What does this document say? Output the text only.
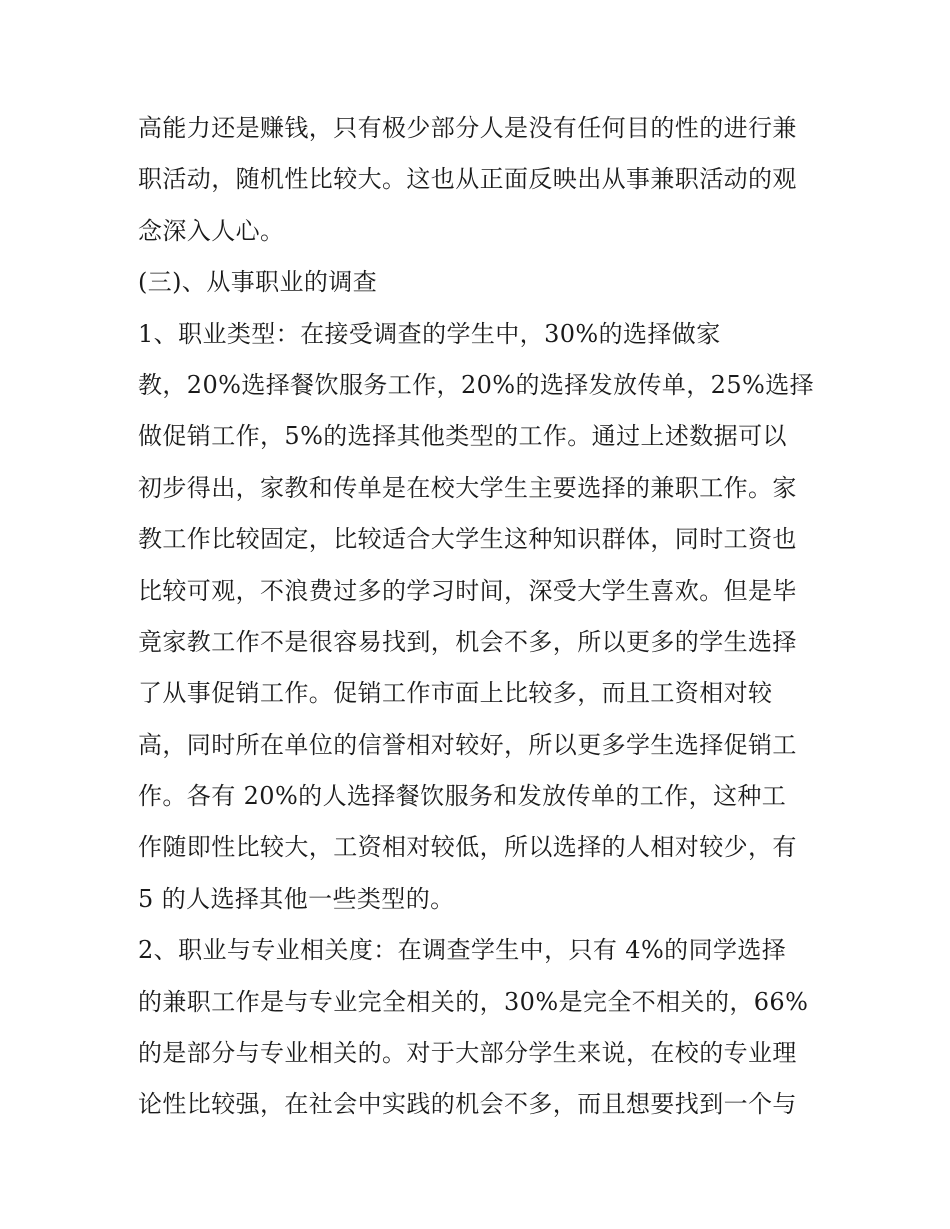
高能力还是赚钱，只有极少部分人是没有任何目的性的进行兼
职活动，随机性比较大。这也从正面反映出从事兼职活动的观
念深入人心。
(三)、从事职业的调查
1、职业类型：在接受调查的学生中，30%的选择做家
教，20%选择餐饮服务工作，20%的选择发放传单，25%选择
做促销工作，5%的选择其他类型的工作。通过上述数据可以
初步得出，家教和传单是在校大学生主要选择的兼职工作。家
教工作比较固定，比较适合大学生这种知识群体，同时工资也
比较可观，不浪费过多的学习时间，深受大学生喜欢。但是毕
竟家教工作不是很容易找到，机会不多，所以更多的学生选择
了从事促销工作。促销工作市面上比较多，而且工资相对较
高，同时所在单位的信誉相对较好，所以更多学生选择促销工
作。各有 20%的人选择餐饮服务和发放传单的工作，这种工
作随即性比较大，工资相对较低，所以选择的人相对较少，有
5 的人选择其他一些类型的。
2、职业与专业相关度：在调查学生中，只有 4%的同学选择
的兼职工作是与专业完全相关的，30%是完全不相关的，66%
的是部分与专业相关的。对于大部分学生来说，在校的专业理
论性比较强，在社会中实践的机会不多，而且想要找到一个与
